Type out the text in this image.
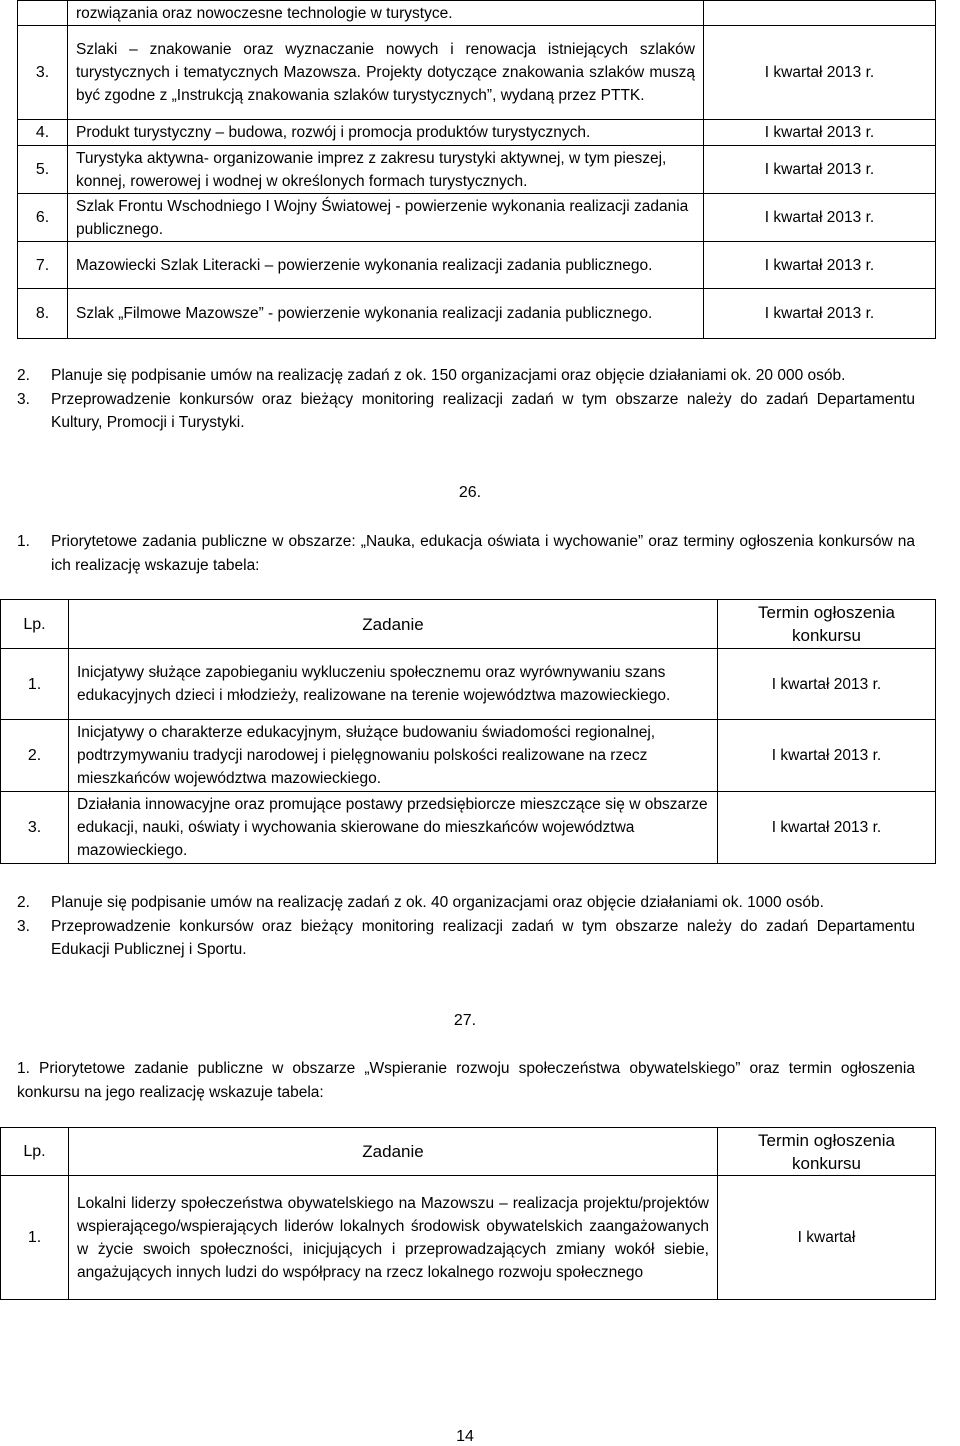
	rozwiązania oraz nowoczesne technologie w turystyce.	
3.	Szlaki – znakowanie oraz wyznaczanie nowych i renowacja istniejących szlaków turystycznych i tematycznych Mazowsza. Projekty dotyczące znakowania szlaków muszą być zgodne z „Instrukcją znakowania szlaków turystycznych”, wydaną przez PTTK.	I kwartał 2013 r.
4.	Produkt turystyczny – budowa, rozwój i promocja produktów turystycznych.	I kwartał 2013 r.
5.	Turystyka aktywna- organizowanie imprez z zakresu turystyki aktywnej, w tym pieszej, konnej, rowerowej i wodnej w określonych formach turystycznych.	I kwartał 2013 r.
6.	Szlak Frontu Wschodniego I Wojny Światowej - powierzenie wykonania realizacji zadania publicznego.	I kwartał 2013 r.
7.	Mazowiecki Szlak Literacki – powierzenie wykonania realizacji zadania publicznego.	I kwartał 2013 r.
8.	Szlak „Filmowe Mazowsze” - powierzenie wykonania realizacji zadania publicznego.	I kwartał 2013 r.
2.	Planuje się podpisanie umów na realizację zadań z ok. 150 organizacjami oraz objęcie działaniami ok. 20 000 osób.
3.	Przeprowadzenie konkursów oraz bieżący monitoring realizacji zadań w tym obszarze należy do zadań Departamentu Kultury, Promocji i Turystyki.
26.
1.	Priorytetowe zadania publiczne w obszarze: „Nauka, edukacja oświata i wychowanie” oraz terminy ogłoszenia konkursów na ich realizację wskazuje tabela:
Lp.	Zadanie	Termin ogłoszenia konkursu
1.	Inicjatywy służące zapobieganiu wykluczeniu społecznemu oraz wyrównywaniu szans edukacyjnych dzieci i młodzieży, realizowane na terenie województwa mazowieckiego.	I kwartał 2013 r.
2.	Inicjatywy o charakterze edukacyjnym, służące budowaniu świadomości regionalnej, podtrzymywaniu tradycji narodowej i pielęgnowaniu polskości realizowane na rzecz mieszkańców województwa mazowieckiego.	I kwartał 2013 r.
3.	Działania innowacyjne oraz promujące postawy przedsiębiorcze mieszczące się w obszarze edukacji, nauki, oświaty i wychowania skierowane do mieszkańców województwa mazowieckiego.	I kwartał 2013 r.
2.	Planuje się podpisanie umów na realizację zadań z ok. 40 organizacjami oraz objęcie działaniami ok. 1000 osób.
3.	Przeprowadzenie konkursów oraz bieżący monitoring realizacji zadań w tym obszarze należy do zadań Departamentu Edukacji Publicznej i Sportu.
27.
1. Priorytetowe zadanie publiczne w obszarze „Wspieranie rozwoju społeczeństwa obywatelskiego” oraz termin ogłoszenia konkursu na jego realizację wskazuje tabela:
Lp.	Zadanie	Termin ogłoszenia konkursu
1.	Lokalni liderzy społeczeństwa obywatelskiego na Mazowszu – realizacja projektu/projektów wspierającego/wspierających liderów lokalnych środowisk obywatelskich zaangażowanych w życie swoich społeczności, inicjujących i przeprowadzających zmiany wokół siebie, angażujących innych ludzi do współpracy na rzecz lokalnego rozwoju społecznego	I kwartał
14
